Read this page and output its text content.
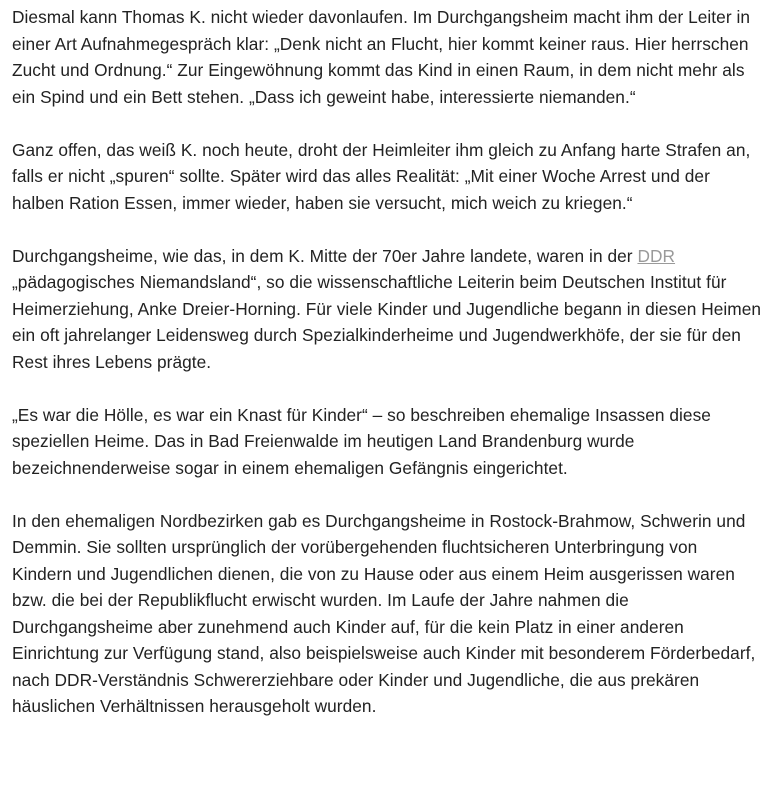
Diesmal kann Thomas K. nicht wieder davonlaufen. Im Durchgangsheim macht ihm der Leiter in einer Art Aufnahmegespräch klar: „Denk nicht an Flucht, hier kommt keiner raus. Hier herrschen Zucht und Ordnung.“ Zur Eingewöhnung kommt das Kind in einen Raum, in dem nicht mehr als ein Spind und ein Bett stehen. „Dass ich geweint habe, interessierte niemanden.“

Ganz offen, das weiß K. noch heute, droht der Heimleiter ihm gleich zu Anfang harte Strafen an, falls er nicht „spuren“ sollte. Später wird das alles Realität: „Mit einer Woche Arrest und der halben Ration Essen, immer wieder, haben sie versucht, mich weich zu kriegen.“

Durchgangsheime, wie das, in dem K. Mitte der 70er Jahre landete, waren in der DDR „pädagogisches Niemandsland“, so die wissenschaftliche Leiterin beim Deutschen Institut für Heimerziehung, Anke Dreier-Horning. Für viele Kinder und Jugendliche begann in diesen Heimen ein oft jahrelanger Leidensweg durch Spezialkinderheime und Jugendwerkhöfe, der sie für den Rest ihres Lebens prägte.

„Es war die Hölle, es war ein Knast für Kinder“ – so beschreiben ehemalige Insassen diese speziellen Heime. Das in Bad Freienwalde im heutigen Land Brandenburg wurde bezeichnenderweise sogar in einem ehemaligen Gefängnis eingerichtet.

In den ehemaligen Nordbezirken gab es Durchgangsheime in Rostock-Brahmow, Schwerin und Demmin. Sie sollten ursprünglich der vorübergehenden fluchtsicheren Unterbringung von Kindern und Jugendlichen dienen, die von zu Hause oder aus einem Heim ausgerissen waren bzw. die bei der Republikflucht erwischt wurden. Im Laufe der Jahre nahmen die Durchgangsheime aber zunehmend auch Kinder auf, für die kein Platz in einer anderen Einrichtung zur Verfügung stand, also beispielsweise auch Kinder mit besonderem Förderbedarf, nach DDR-Verständnis Schwererziehbare oder Kinder und Jugendliche, die aus prekären häuslichen Verhältnissen herausgeholt wurden.
